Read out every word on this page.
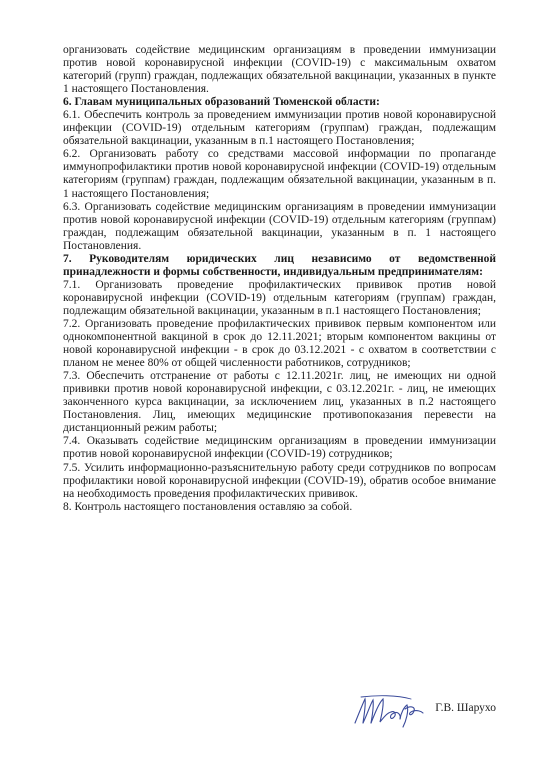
организовать содействие медицинским организациям в проведении иммунизации против новой коронавирусной инфекции (COVID-19) с максимальным охватом категорий (групп) граждан, подлежащих обязательной вакцинации, указанных в пункте 1 настоящего Постановления.

6. Главам муниципальных образований Тюменской области:

6.1. Обеспечить контроль за проведением иммунизации против новой коронавирусной инфекции (COVID-19) отдельным категориям (группам) граждан, подлежащим обязательной вакцинации, указанным в п.1 настоящего Постановления;

6.2. Организовать работу со средствами массовой информации по пропаганде иммунопрофилактики против новой коронавирусной инфекции (COVID-19) отдельным категориям (группам) граждан, подлежащим обязательной вакцинации, указанным в п. 1 настоящего Постановления;

6.3. Организовать содействие медицинским организациям в проведении иммунизации против новой коронавирусной инфекции (COVID-19) отдельным категориям (группам) граждан, подлежащим обязательной вакцинации, указанным в п. 1 настоящего Постановления.

7. Руководителям юридических лиц независимо от ведомственной принадлежности и формы собственности, индивидуальным предпринимателям:

7.1. Организовать проведение профилактических прививок против новой коронавирусной инфекции (COVID-19) отдельным категориям (группам) граждан, подлежащим обязательной вакцинации, указанным в п.1 настоящего Постановления;

7.2. Организовать проведение профилактических прививок первым компонентом или однокомпонентной вакциной в срок до 12.11.2021; вторым компонентом вакцины от новой коронавирусной инфекции - в срок до 03.12.2021 - с охватом в соответствии с планом не менее 80% от общей численности работников, сотрудников;

7.3. Обеспечить отстранение от работы с 12.11.2021г. лиц, не имеющих ни одной прививки против новой коронавирусной инфекции, с 03.12.2021г. - лиц, не имеющих законченного курса вакцинации, за исключением лиц, указанных в п.2 настоящего Постановления. Лиц, имеющих медицинские противопоказания перевести на дистанционный режим работы;

7.4. Оказывать содействие медицинским организациям в проведении иммунизации против новой коронавирусной инфекции (COVID-19) сотрудников;

7.5. Усилить информационно-разъяснительную работу среди сотрудников по вопросам профилактики новой коронавирусной инфекции (COVID-19), обратив особое внимание на необходимость проведения профилактических прививок.

8. Контроль настоящего постановления оставляю за собой.

Г.В. Шарухо
